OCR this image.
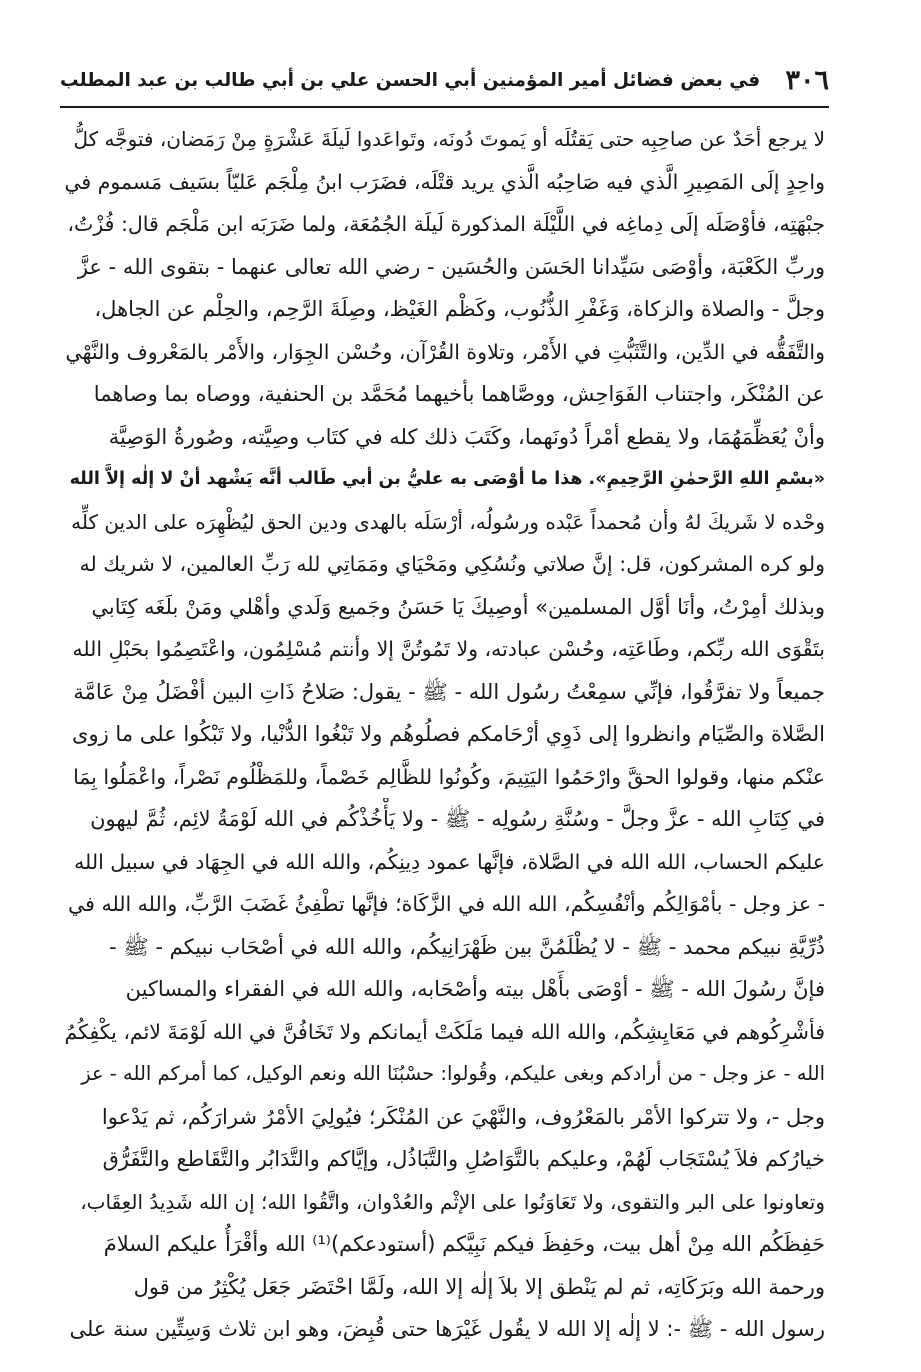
٣٠٦
في بعض فضائل أمير المؤمنين أبي الحسن علي بن أبي طالب بن عبد المطلب
لا يرجع أحَدٌ عن صاحِبِه حتى يَقتُلَه أو يَموتَ دُونَه، وتَواعَدوا لَيلَةَ عَشْرَةٍ مِنْ رَمَضان، فتوجَّه كلُّ
واحِدٍ إلَى المَصِيرِ الَّذي فيه صَاحِبُه الَّذي يريد قتْلَه، فضَرَب ابنُ مِلْجَم عَليّاً بسَيف مَسموم في
جبْهَتِه، فأوْصَلَه إلَى دِماغِه في اللَّيْلَة المذكورة لَيلَة الجُمُعَة، ولما ضَرَبَه ابن مَلْجَم قال: فُزْتُ،
وربِّ الكَعْبَة، وأوْصَى سَيِّدانا الحَسَن والحُسَين - رضي الله تعالى عنهما - بتقوى الله - عزَّ
وجلَّ - والصلاة والزكاة، وَغَفْرِ الذُّنُوب، وكَظْم الغَيْظ، وصِلَةَ الرَّحِم، والحِلْم عن الجاهل،
والتَّفَقُّه في الدِّين، والتَّثَبُّتِ في الأَمْر، وتلاوة القُرْآن، وحُسْن الجِوَار، والأَمْر بالمَعْروف والنَّهْي
عن المُنْكَر، واجتناب الفَوَاحِش، ووصَّاهما بأخيهما مُحَمَّد بن الحنفية، ووصاه بما وصاهما
وأنْ يُعَظِّمَهُمَا، ولا يقطع أمْراً دُونَهما، وكَتَبَ ذلك كله في كتَاب وصِيَّته، وصُورةُ الوَصِيَّة
«بسْمِ اللهِ الرَّحمٰنِ الرَّحِيمِ». هذا ما أوْصَى به عليُّ بن أبي طَالب أنَّه يَشْهد أنْ لا إلٰه إلاَّ الله
وحْده لا شَريكَ لهُ وأن مُحمداً عَبْده ورسُولُه، أرْسَلَه بالهدى ودين الحق ليُظْهِرَه على الدين كلِّه
ولو كره المشركون، قل: إنَّ صلاتي ونُسُكِي ومَحْيَاي ومَمَاتِي لله رَبِّ العالمين، لا شريك له
وبذلك أمِرْتُ، وأنَا أوَّل المسلمين» أوصِيكَ يَا حَسَنُ وجَميع وَلَدي وأهْلي ومَنْ بلَغَه كِتَابي
بتَقْوَى الله ربِّكم، وطَاعَتِه، وحُسْن عبادته، ولا تَمُوتُنَّ إلا وأنتم مُسْلِمُون، واعْتَصِمُوا بحَبْلِ الله
جميعاً ولا تفرَّقُوا، فإنِّي سمِعْتُ رسُول الله - ﷺ - يقول: صَلاحُ ذَاتِ البين أفْضَلُ مِنْ عَامَّة
الصَّلاة والصِّيَام وانظروا إلى ذَوِي أرْحَامكم فصلُوهُم ولا تَبْغُوا الدُّنْيا، ولا تَبْكُوا على ما زوى
عنْكم منها، وقولوا الحقَّ وارْحَمُوا اليَتِيمَ، وكُونُوا للظَّالِم خَصْماً، وللمَظْلُوم نَصْراً، واعْمَلُوا بِمَا
في كِتَابِ الله - عزَّ وجلَّ - وسُنَّةِ رسُولِه - ﷺ - ولا يَأْخُذْكُم في الله لَوْمَةُ لائِم، ثُمَّ ليهون
عليكم الحساب، الله الله في الصَّلاة، فإنَّها عمود دِينِكُم، والله الله في الجِهَاد في سبيل الله
- عز وجل - بأمْوَالِكُم وأنْفُسِكُم، الله الله في الزَّكَاة؛ فإنَّها تطْفِئُ غَضَبَ الرَّبِّ، والله الله في
ذُرِّيَّةِ نبيكم محمد - ﷺ - لا يُظْلَمُنَّ بين ظَهْرَانِيكُم، والله الله في أصْحَاب نبيكم - ﷺ -
فإنَّ رسُولَ الله - ﷺ - أوْصَى بأَهْل بيته وأصْحَابه، والله الله في الفقراء والمساكين
فأشْرِكُوهم في مَعَايِشِكُم، والله الله فيما مَلَكَتْ أيمانكم ولا تَخَافُنَّ في الله لَوْمَةَ لائم، يكْفِكُمُ
الله - عز وجل - من أرادكم وبغى عليكم، وقُولوا: حسْبُنَا الله ونعم الوكيل، كما أمركم الله - عز
وجل -، ولا تتركوا الأمْر بالمَعْرُوف، والنَّهْيَ عن المُنْكَر؛ فيُولِيَ الأمْرُ شرارَكُم، ثم يَدْعوا
خيارُكم فلاَ يُسْتَجَاب لَهُمْ، وعليكم بالتَّوَاصُلِ والتَّبَاذُل، وإيَّاكم والتَّدَابُر والتَّقَاطع والتَّفَرُّق
وتعاونوا على البر والتقوى، ولا تَعَاوَنُوا على الإثْم والعُدْوان، واتَّقُوا الله؛ إن الله شَدِيدُ العِقَاب،
حَفِظَكُم الله مِنْ أهل بيت، وحَفِظَ فيكم نَبِيَّكم (أستودعكم)⁽¹⁾ الله وأقْرَأُ عليكم السلامَ
ورحمة الله وبَرَكَاتِه، ثم لم يَنْطق إلا بلاَ إلٰه إلا الله، ولَمَّا احْتَضَر جَعَل يُكْثِرُ من قول
رسول الله - ﷺ -: لا إلٰه إلا الله لا يقُول غَيْرَها حتى قُبِضَ، وهو ابن ثلاث وَسِتِّين سنة على
